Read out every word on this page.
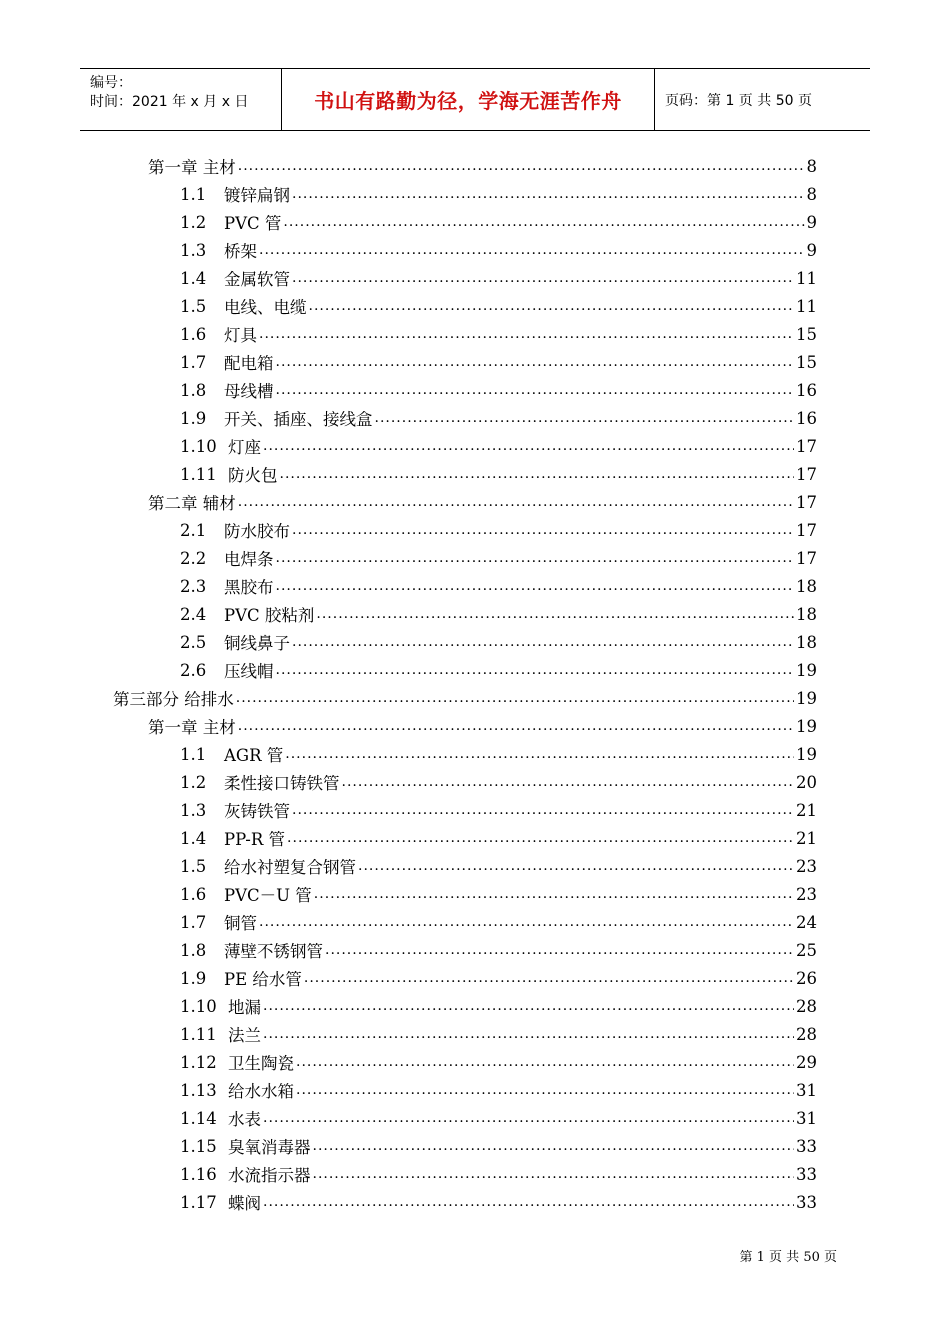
编号：
时间：2021 年 x 月 x 日	书山有路勤为径，学海无涯苦作舟	页码：第 1 页 共 50 页
第一章 主材 .....	8
1.1	镀锌扁钢 .....	8
1.2	PVC 管 .....	9
1.3	桥架 .....	9
1.4	金属软管 .....	11
1.5	电线、电缆 .....	11
1.6	灯具 .....	15
1.7	配电箱 .....	15
1.8	母线槽 .....	16
1.9	开关、插座、接线盒 .....	16
1.10 灯座 .....	17
1.11 防火包 .....	17
第二章 辅材 .....	17
2.1	防水胶布 .....	17
2.2	电焊条 .....	17
2.3	黑胶布 .....	18
2.4	PVC 胶粘剂 .....	18
2.5	铜线鼻子 .....	18
2.6	压线帽 .....	19
第三部分 给排水 .....	19
第一章 主材 .....	19
1.1	AGR 管 .....	19
1.2	柔性接口铸铁管 .....	20
1.3	灰铸铁管 .....	21
1.4	PP-R 管 .....	21
1.5	给水衬塑复合钢管 .....	23
1.6	PVC－U 管 .....	23
1.7	铜管 .....	24
1.8	薄壁不锈钢管 .....	25
1.9	PE 给水管 .....	26
1.10 地漏 .....	28
1.11 法兰 .....	28
1.12 卫生陶瓷 .....	29
1.13 给水水箱 .....	31
1.14 水表 .....	31
1.15 臭氧消毒器 .....	33
1.16 水流指示器 .....	33
1.17 蝶阀 .....	33
第 1 页 共 50 页
